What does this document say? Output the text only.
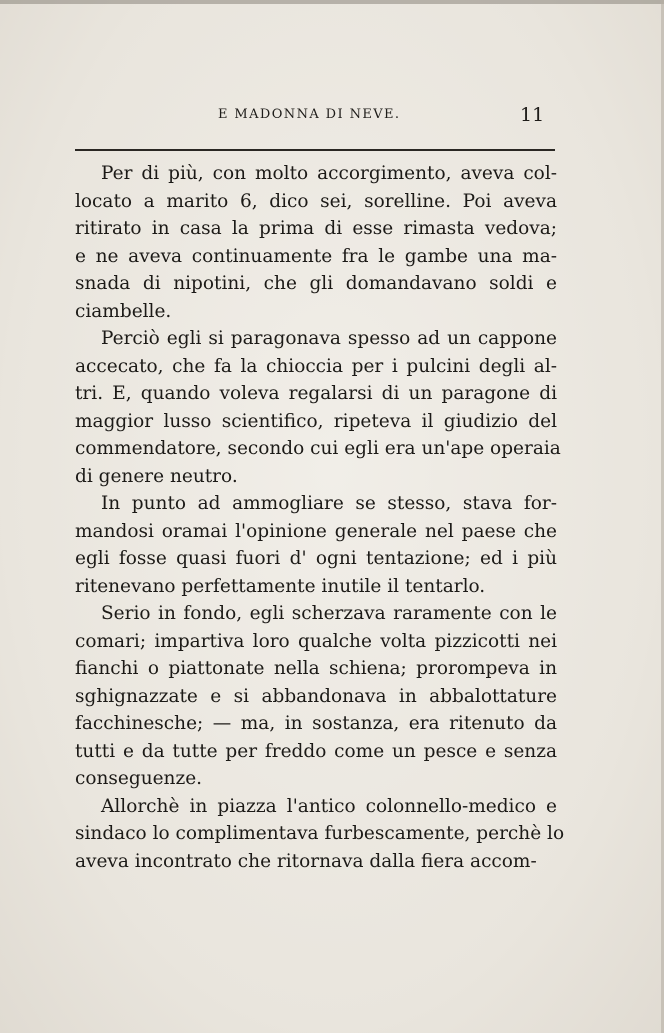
E MADONNA DI NEVE.	11

Per di più, con molto accorgimento, aveva col-
locato a marito 6, dico sei, sorelline. Poi aveva
ritirato in casa la prima di esse rimasta vedova;
e ne aveva continuamente fra le gambe una ma-
snada di nipotini, che gli domandavano soldi e
ciambelle.

Perciò egli si paragonava spesso ad un cappone
accecato, che fa la chioccia per i pulcini degli al-
tri. E, quando voleva regalarsi di un paragone di
maggior lusso scientifico, ripeteva il giudizio del
commendatore, secondo cui egli era un'ape operaia
di genere neutro.

In punto ad ammogliare se stesso, stava for-
mandosi oramai l'opinione generale nel paese che
egli fosse quasi fuori d' ogni tentazione; ed i più
ritenevano perfettamente inutile il tentarlo.

Serio in fondo, egli scherzava raramente con le
comari; impartiva loro qualche volta pizzicotti nei
fianchi o piattonate nella schiena; prorompeva in
sghignazzate e si abbandonava in abbalottature
facchinesche; — ma, in sostanza, era ritenuto da
tutti e da tutte per freddo come un pesce e senza
conseguenze.

Allorchè in piazza l'antico colonnello-medico e
sindaco lo complimentava furbescamente, perchè lo
aveva incontrato che ritornava dalla fiera accom-
